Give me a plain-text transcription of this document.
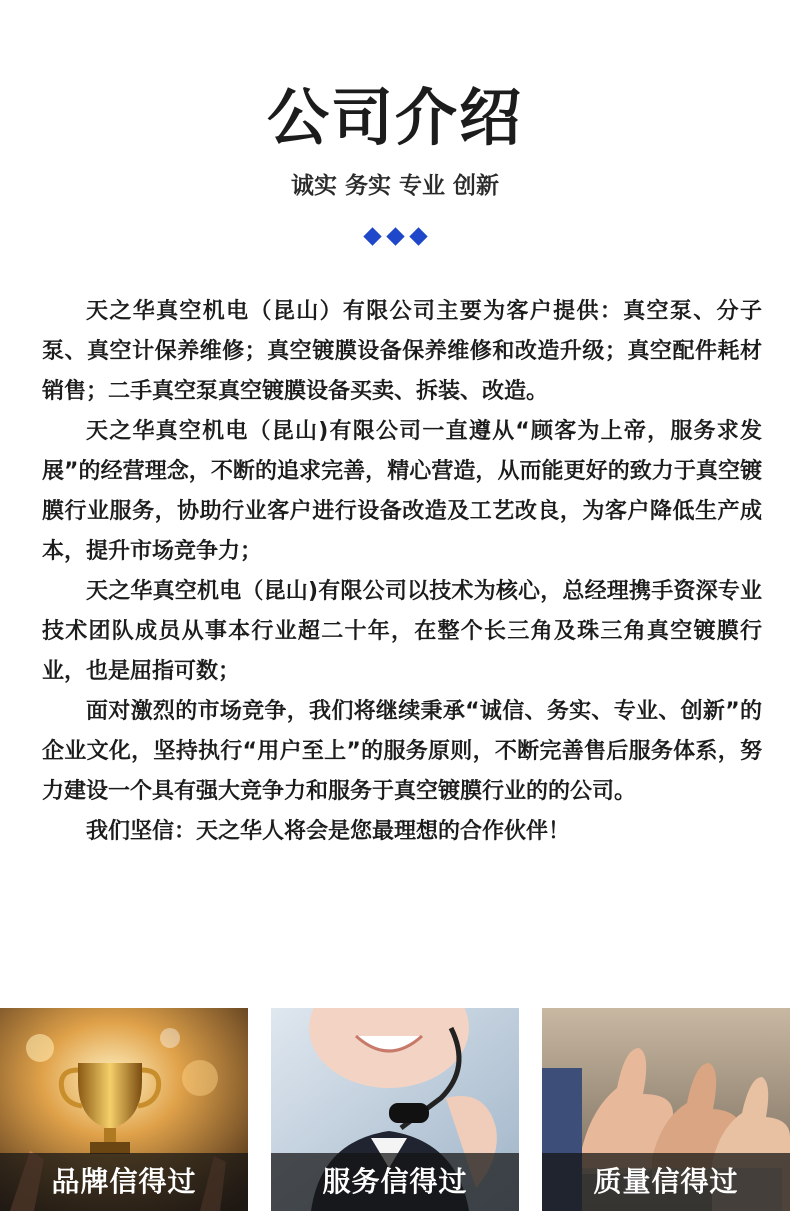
公司介绍
诚实 务实 专业 创新

天之华真空机电（昆山）有限公司主要为客户提供：真空泵、分子泵、真空计保养维修；真空镀膜设备保养维修和改造升级；真空配件耗材销售；二手真空泵真空镀膜设备买卖、拆装、改造。

天之华真空机电（昆山)有限公司一直遵从“顾客为上帝，服务求发展”的经营理念，不断的追求完善，精心营造，从而能更好的致力于真空镀膜行业服务，协助行业客户进行设备改造及工艺改良，为客户降低生产成本，提升市场竞争力；

天之华真空机电（昆山)有限公司以技术为核心，总经理携手资深专业技术团队成员从事本行业超二十年，在整个长三角及珠三角真空镀膜行业，也是屈指可数；

面对激烈的市场竞争，我们将继续秉承“诚信、务实、专业、创新”的企业文化，坚持执行“用户至上”的服务原则，不断完善售后服务体系，努力建设一个具有强大竞争力和服务于真空镀膜行业的的公司。

我们坚信：天之华人将会是您最理想的合作伙伴！

品牌信得过	服务信得过	质量信得过
